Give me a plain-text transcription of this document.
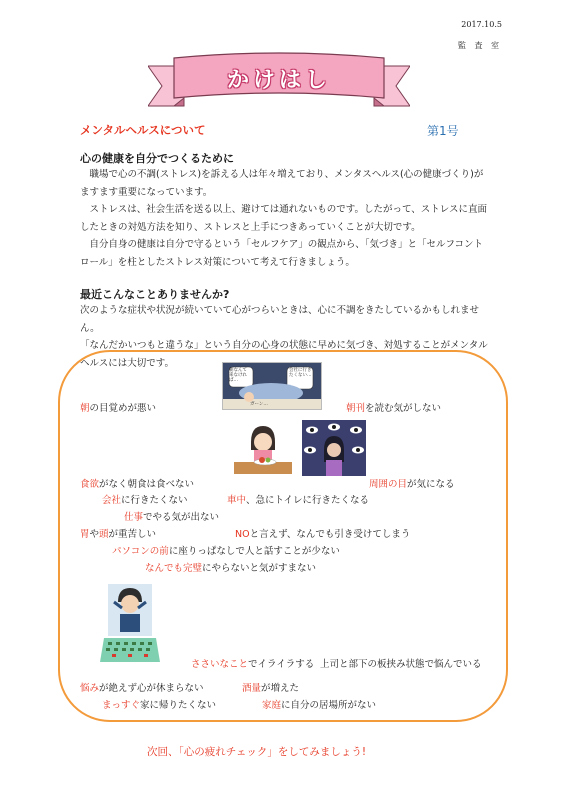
2017.10.5
監 査 室
かけはし
メンタルヘルスについて	第1号
心の健康を自分でつくるために

職場で心の不調(ストレス)を訴える人は年々増えており、メンタスヘルス(心の健康づくり)がますます重要になっています。

ストレスは、社会生活を送る以上、避けては通れないものです。したがって、ストレスに直面したときの対処方法を知り、ストレスと上手につきあっていくことが大切です。

自分自身の健康は自分で守るという「セルフケア」の観点から、「気づき」と「セルフコントロール」を柱としたストレス対策について考えて行きましょう。

最近こんなことありませんか?
次のような症状や状況が続いていて心がつらいときは、心に不調をきたしているかもしれません。
「なんだかいつもと違うな」という自分の心身の状態に早めに気づき、対処することがメンタルヘルスには大切です。
朝なんて来なければ…
会社に行きたくない…
ガーン…
朝の目覚めが悪い	朝刊を読む気がしない
食欲がなく朝食は食べない	周囲の目が気になる
会社に行きたくない	車中、急にトイレに行きたくなる
仕事でやる気が出ない
胃や頭が重苦しい	NOと言えず、なんでも引き受けてしまう
パソコンの前に座りっぱなしで人と話すことが少ない
なんでも完璧にやらないと気がすまない
ささいなことでイライラする 上司と部下の板挟み状態で悩んでいる
悩みが絶えず心が休まらない	酒量が増えた
まっすぐ家に帰りたくない	家庭に自分の居場所がない
次回、「心の疲れチェック」をしてみましょう!
